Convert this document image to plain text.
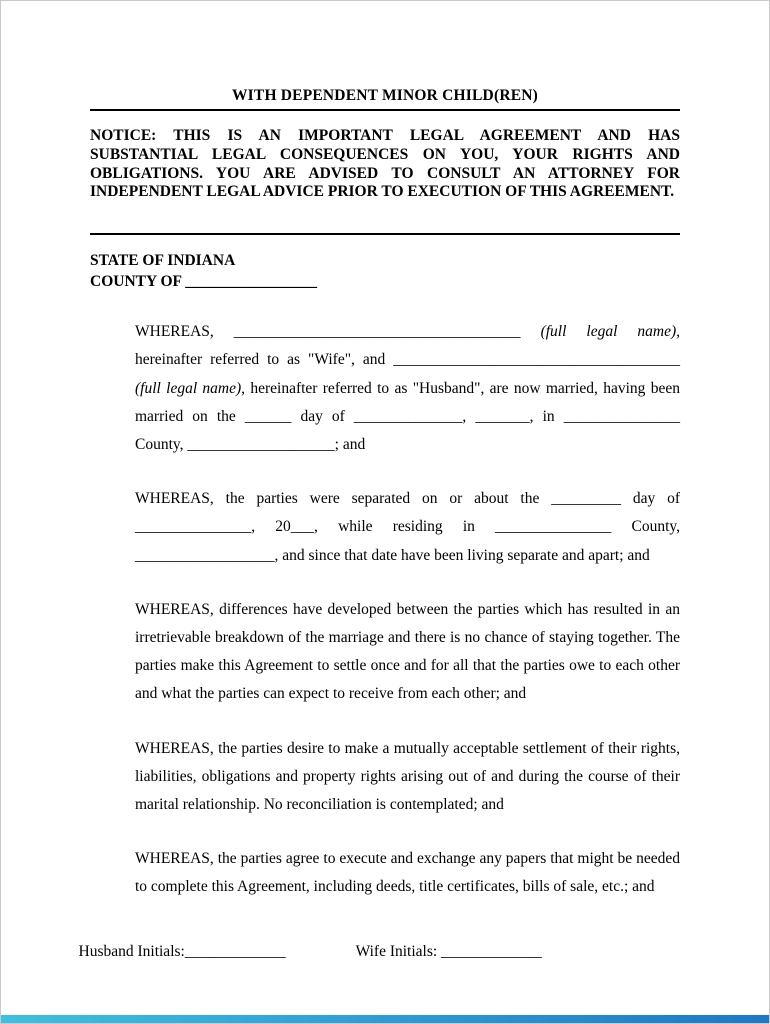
WITH DEPENDENT MINOR CHILD(REN)

NOTICE: THIS IS AN IMPORTANT LEGAL AGREEMENT AND HAS SUBSTANTIAL LEGAL CONSEQUENCES ON YOU, YOUR RIGHTS AND OBLIGATIONS. YOU ARE ADVISED TO CONSULT AN ATTORNEY FOR INDEPENDENT LEGAL ADVICE PRIOR TO EXECUTION OF THIS AGREEMENT.

STATE OF INDIANA
COUNTY OF _________________

WHEREAS, _____________________________________ (full legal name), hereinafter referred to as "Wife", and _____________________________________ (full legal name), hereinafter referred to as "Husband", are now married, having been married on the ______ day of ______________, _______, in _______________ County, ___________________; and

WHEREAS, the parties were separated on or about the _________ day of _______________, 20___, while residing in _______________ County, __________________, and since that date have been living separate and apart; and

WHEREAS, differences have developed between the parties which has resulted in an irretrievable breakdown of the marriage and there is no chance of staying together. The parties make this Agreement to settle once and for all that the parties owe to each other and what the parties can expect to receive from each other; and

WHEREAS, the parties desire to make a mutually acceptable settlement of their rights, liabilities, obligations and property rights arising out of and during the course of their marital relationship. No reconciliation is contemplated; and

WHEREAS, the parties agree to execute and exchange any papers that might be needed to complete this Agreement, including deeds, title certificates, bills of sale, etc.; and

Husband Initials:_____________	Wife Initials: _____________
